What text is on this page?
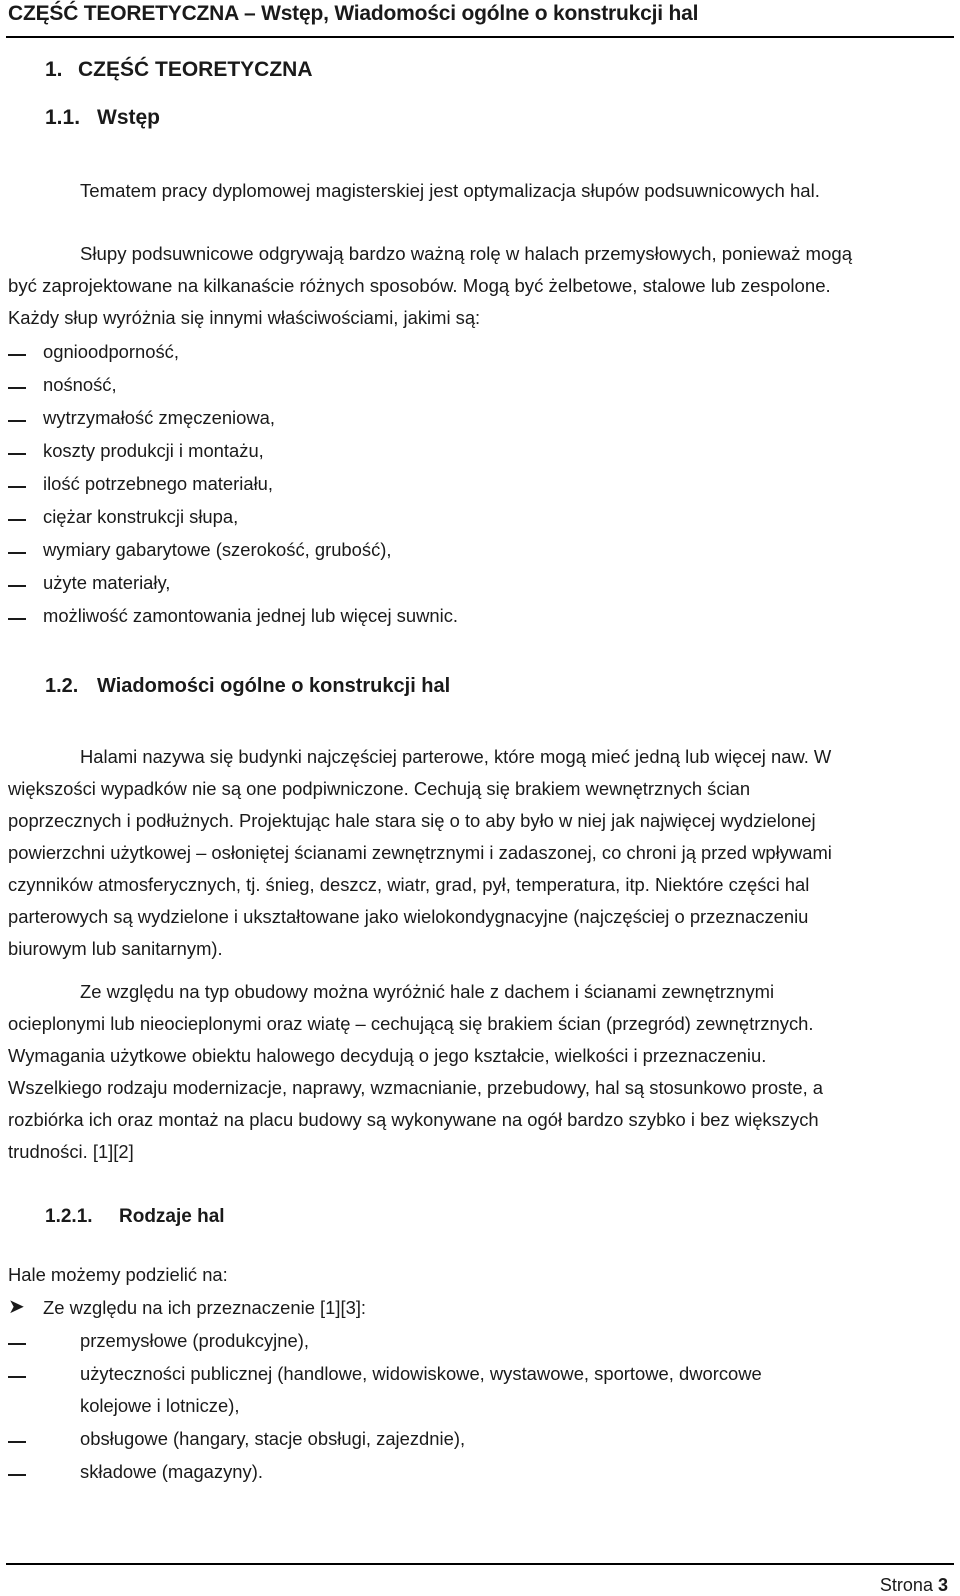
CZĘŚĆ TEORETYCZNA – Wstęp, Wiadomości ogólne o konstrukcji hal
1. CZĘŚĆ TEORETYCZNA
1.1. Wstęp
Tematem pracy dyplomowej magisterskiej jest optymalizacja słupów podsuwnicowych hal.
Słupy podsuwnicowe odgrywają bardzo ważną rolę w halach przemysłowych, ponieważ mogą
być zaprojektowane na kilkanaście różnych sposobów. Mogą być żelbetowe, stalowe lub zespolone.
Każdy słup wyróżnia się innymi właściwościami, jakimi są:
ognioodporność,
nośność,
wytrzymałość zmęczeniowa,
koszty produkcji i montażu,
ilość potrzebnego materiału,
ciężar konstrukcji słupa,
wymiary gabarytowe (szerokość, grubość),
użyte materiały,
możliwość zamontowania jednej lub więcej suwnic.
1.2. Wiadomości ogólne o konstrukcji hal
Halami nazywa się budynki najczęściej parterowe, które mogą mieć jedną lub więcej naw. W
większości wypadków nie są one podpiwniczone. Cechują się brakiem wewnętrznych ścian
poprzecznych i podłużnych. Projektując hale stara się o to aby było w niej jak najwięcej wydzielonej
powierzchni użytkowej – osłoniętej ścianami zewnętrznymi i zadaszonej, co chroni ją przed wpływami
czynników atmosferycznych, tj. śnieg, deszcz, wiatr, grad, pył, temperatura, itp. Niektóre części hal
parterowych są wydzielone i ukształtowane jako wielokondygnacyjne (najczęściej o przeznaczeniu
biurowym lub sanitarnym).
Ze względu na typ obudowy można wyróżnić hale z dachem i ścianami zewnętrznymi
ocieplonymi lub nieocieplonymi oraz wiatę – cechującą się brakiem ścian (przegród) zewnętrznych.
Wymagania użytkowe obiektu halowego decydują o jego kształcie, wielkości i przeznaczeniu.
Wszelkiego rodzaju modernizacje, naprawy, wzmacnianie, przebudowy, hal są stosunkowo proste, a
rozbiórka ich oraz montaż na placu budowy są wykonywane na ogół bardzo szybko i bez większych
trudności. [1][2]
1.2.1. Rodzaje hal
Hale możemy podzielić na:
➤ Ze względu na ich przeznaczenie [1][3]:
przemysłowe (produkcyjne),
użyteczności publicznej (handlowe, widowiskowe, wystawowe, sportowe, dworcowe
kolejowe i lotnicze),
obsługowe (hangary, stacje obsługi, zajezdnie),
składowe (magazyny).
Strona 3
